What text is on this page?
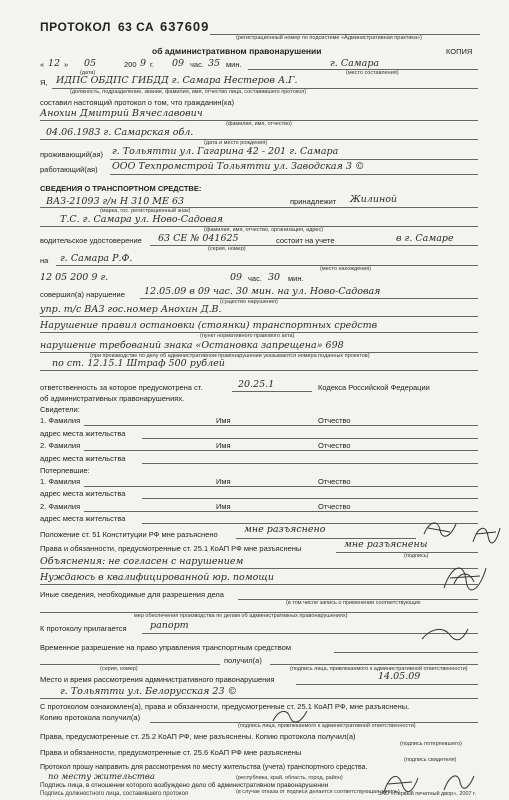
ПРОТОКОЛ 63 СА 637609
(регистрационный номер по подсистеме «Административная практика»)
об административном правонарушении	КОПИЯ
« 12 » 05	200 9 г. 09 час. 35 мин.	г. Самара
(дата)	(место составления)
Я, ИДПС ОБДПС ГИБДД г. Самара Нестеров А.Г.
(должность, подразделение, звание, фамилия, имя, отчество лица, составившего протокол)
составил настоящий протокол о том, что гражданин(ка)
Анохин Дмитрий Вячеславович
(фамилия, имя, отчество)
04.06.1983 г. Самарская обл.
(дата и место рождения)
проживающий(ая) г. Тольятти ул. Гагарина 42 - 201 г. Самара
работающий(ая) ООО Техпромстрой Тольятти ул. Заводская 3 ©
СВЕДЕНИЯ О ТРАНСПОРТНОМ СРЕДСТВЕ:
ВАЗ-21093 г/н Н 310 МЕ 63	принадлежит Жилиной
(марка, гос. регистрационный знак)
Т.С. г. Самара ул. Ново-Садовая
(фамилия, имя, отчество, организация, адрес)
водительское удостоверение 63 СЕ № 041625	состоит на учете	в г. Самаре
(серия, номер)
на г. Самара Р.Ф.
(место нахождения)
12 05 200 9 г.	09 час. 30 мин.
совершил(а) нарушение 12.05.09 в 09 час. 30 мин. на ул. Ново-Садовая
(существо нарушения)
упр. т/с ВАЗ гос.номер Анохин Д.В.
Нарушение правил остановки (стоянки) транспортных средств
(пункт нормативного правового акта)
нарушение требований знака «Остановка запрещена» 698
(при производстве по делу об административном правонарушении указываются номера поданных проектов)
по ст. 12.15.1 Штраф 500 рублей
ответственность за которое предусмотрена ст.	20.25.1	Кодекса Российской Федерации
об административных правонарушениях.
Свидетели:
1. Фамилия	Имя	Отчество
адрес места жительства
2. Фамилия	Имя	Отчество
адрес места жительства
Потерпевшие:
1. Фамилия	Имя	Отчество
адрес места жительства
2. Фамилия	Имя	Отчество
адрес места жительства
Положение ст. 51 Конституции РФ мне разъяснено	мне разъяснено
Права и обязанности, предусмотренные ст. 25.1 КоАП РФ мне разъяснены	мне разъяснены
(подпись)
Объяснения: не согласен с нарушением
Нуждаюсь в квалифицированной юр. помощи
Иные сведения, необходимые для разрешения дела
(в том числе запись о применении соответствующих
мер обеспечения производства по делам об административных правонарушениях)
К протоколу прилагается рапорт
Временное разрешение на право управления транспортным средством
получил(а)
(серия, номер)	(подпись лица, привлекаемого к административной ответственности)
Место и время рассмотрения административного правонарушения	14.05.09
г. Тольятти ул. Белорусская 23 ©
С протоколом ознакомлен(а), права и обязанности, предусмотренные ст. 25.1 КоАП РФ, мне разъяснены.
Копию протокола получил(а)
(подпись лица, привлекаемого к административной ответственности)
Права, предусмотренные ст. 25.2 КоАП РФ, мне разъяснены. Копию протокола получил(а)
(подпись потерпевшего)
Права и обязанности, предусмотренные ст. 25.6 КоАП РФ мне разъяснены
(подпись свидетеля)
Протокол прошу направить для рассмотрения по месту жительства (учета) транспортного средства.
по месту жительства	(республика, край, область, город, район)
Подпись лица, в отношении которого возбуждено дело об административном правонарушении
(в случае отказа от подписи делается соответствующая запись)
Подпись должностного лица, составившего протокол	ЗАО «Первый печатный двор», 2007 г.
